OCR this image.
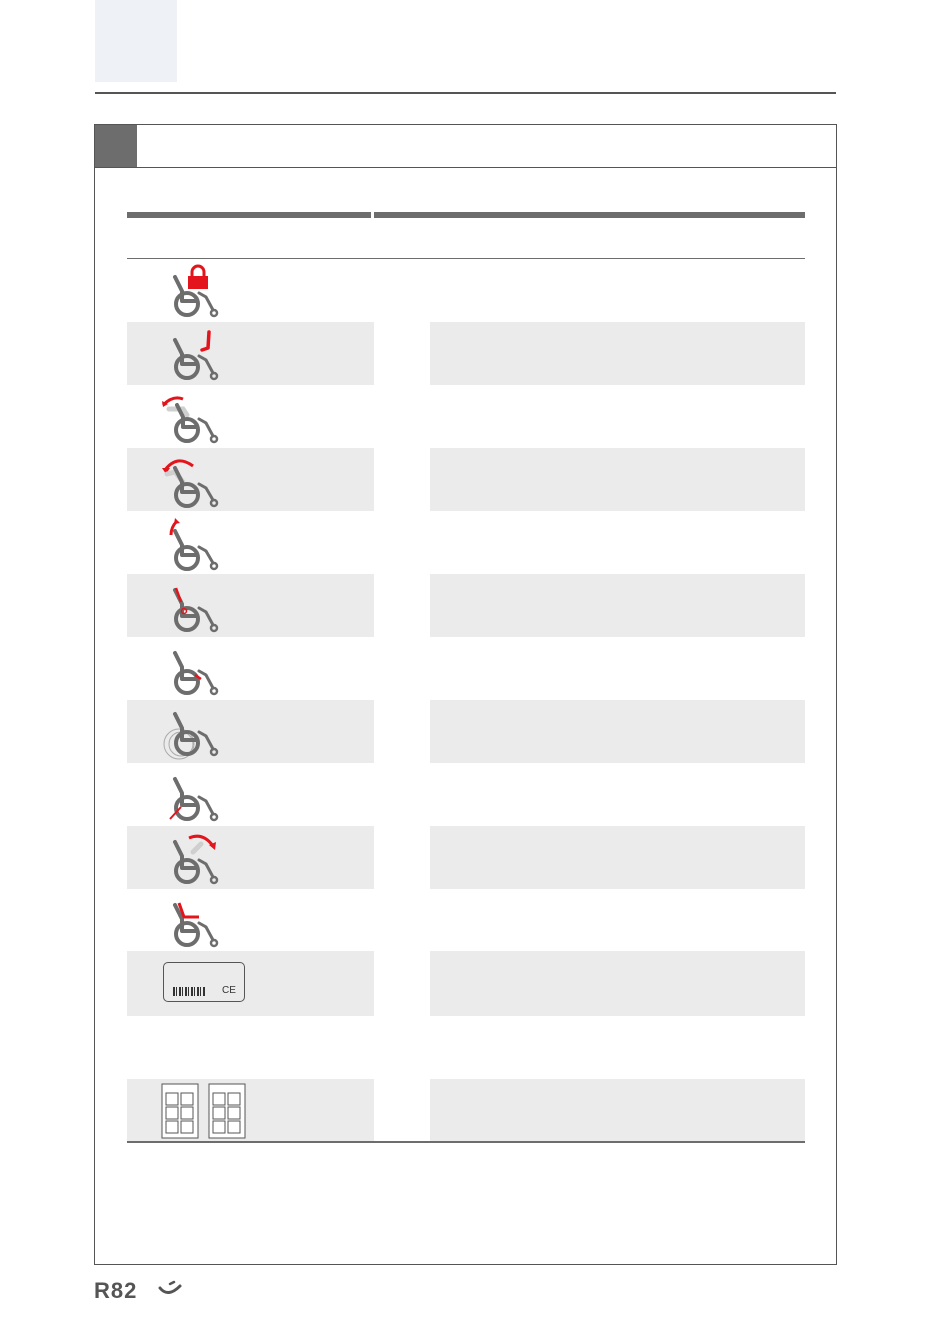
CE
R82
